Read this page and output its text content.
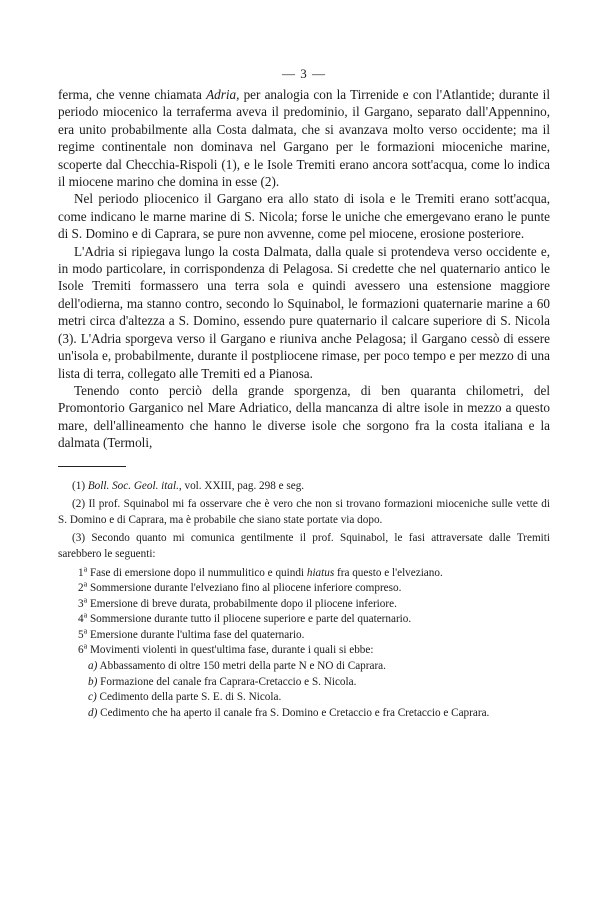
— 3 —

ferma, che venne chiamata Adria, per analogia con la Tirrenide e con l'Atlantide; durante il periodo miocenico la terraferma aveva il predominio, il Gargano, separato dall'Appennino, era unito probabilmente alla Costa dalmata, che si avanzava molto verso occidente; ma il regime continentale non dominava nel Gargano per le formazioni mioceniche marine, scoperte dal Checchia-Rispoli (1), e le Isole Tremiti erano ancora sott'acqua, come lo indica il miocene marino che domina in esse (2).

Nel periodo pliocenico il Gargano era allo stato di isola e le Tremiti erano sott'acqua, come indicano le marne marine di S. Nicola; forse le uniche che emergevano erano le punte di S. Domino e di Caprara, se pure non avvenne, come pel miocene, erosione posteriore.

L'Adria si ripiegava lungo la costa Dalmata, dalla quale si protendeva verso occidente e, in modo particolare, in corrispondenza di Pelagosa. Si credette che nel quaternario antico le Isole Tremiti formassero una terra sola e quindi avessero una estensione maggiore dell'odierna, ma stanno contro, secondo lo Squinabol, le formazioni quaternarie marine a 60 metri circa d'altezza a S. Domino, essendo pure quaternario il calcare superiore di S. Nicola (3). L'Adria sporgeva verso il Gargano e riuniva anche Pelagosa; il Gargano cessò di essere un'isola e, probabilmente, durante il postpliocene rimase, per poco tempo e per mezzo di una lista di terra, collegato alle Tremiti ed a Pianosa.

Tenendo conto perciò della grande sporgenza, di ben quaranta chilometri, del Promontorio Garganico nel Mare Adriatico, della mancanza di altre isole in mezzo a questo mare, dell'allineamento che hanno le diverse isole che sorgono fra la costa italiana e la dalmata (Termoli,

(1) Boll. Soc. Geol. ital., vol. XXIII, pag. 298 e seg.

(2) Il prof. Squinabol mi fa osservare che è vero che non si trovano formazioni mioceniche sulle vette di S. Domino e di Caprara, ma è probabile che siano state portate via dopo.

(3) Secondo quanto mi comunica gentilmente il prof. Squinabol, le fasi attraversate dalle Tremiti sarebbero le seguenti:

1$^a$ Fase di emersione dopo il nummulitico e quindi hiatus fra questo e l'elveziano.
2$^a$ Sommersione durante l'elveziano fino al pliocene inferiore compreso.
3$^a$ Emersione di breve durata, probabilmente dopo il pliocene inferiore.
4$^a$ Sommersione durante tutto il pliocene superiore e parte del quaternario.
5$^a$ Emersione durante l'ultima fase del quaternario.
6$^a$ Movimenti violenti in quest'ultima fase, durante i quali si ebbe:
a) Abbassamento di oltre 150 metri della parte N e NO di Caprara.
b) Formazione del canale fra Caprara-Cretaccio e S. Nicola.
c) Cedimento della parte S. E. di S. Nicola.
d) Cedimento che ha aperto il canale fra S. Domino e Cretaccio e fra Cretaccio e Caprara.
